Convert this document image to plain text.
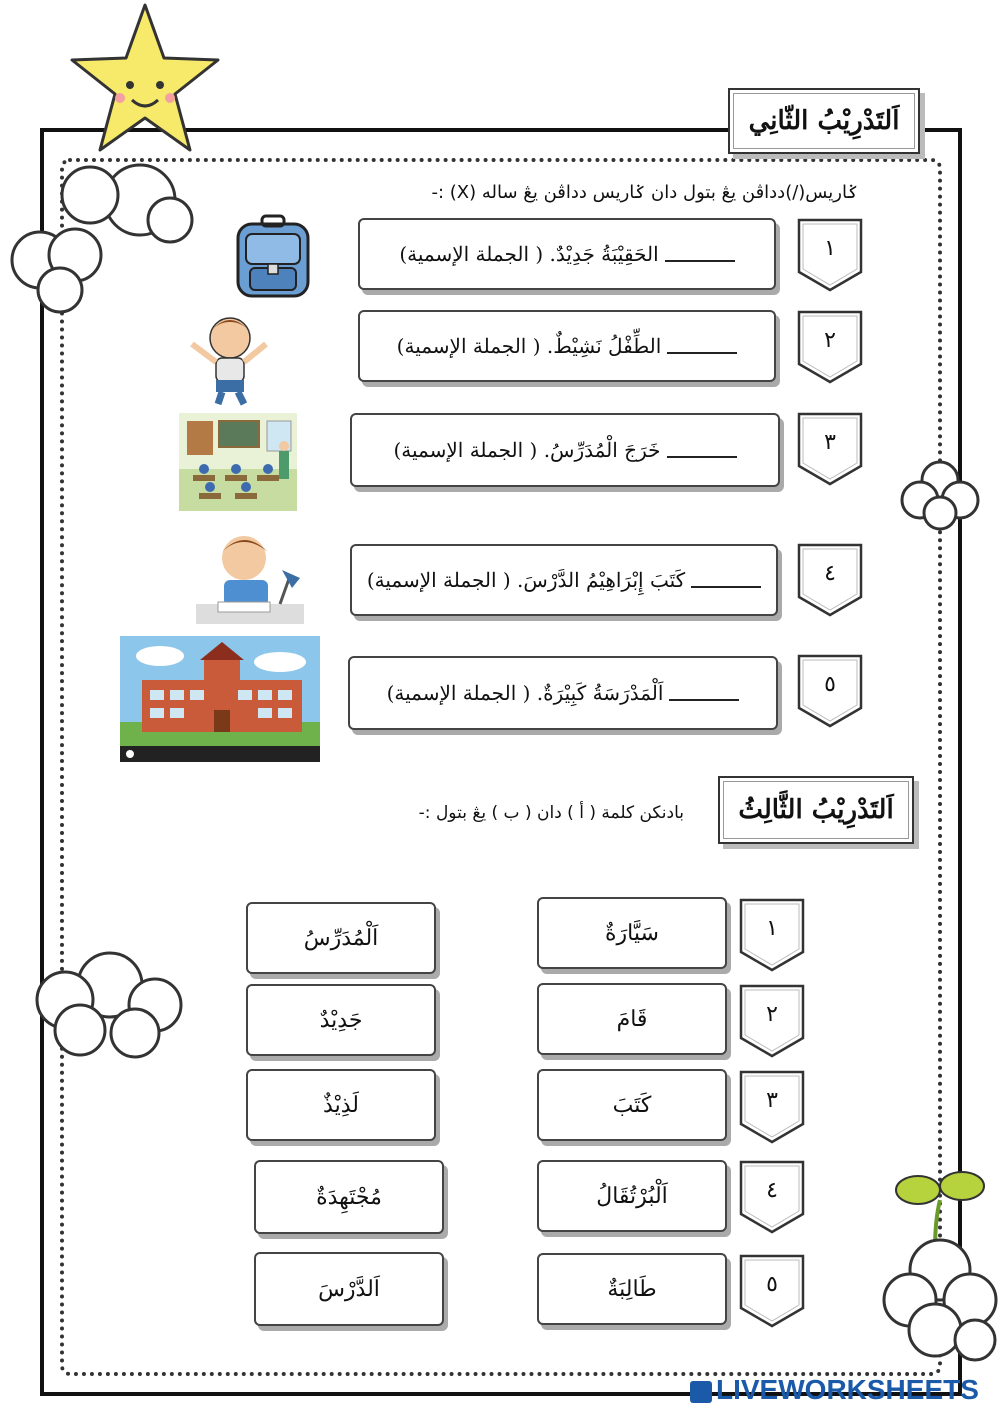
اَلتَدْرِيْبُ الثّانِي
ݢاريس(/)دداڤن يڠ بتول دان ݢاريس دداڤن يڠ ساله (X) :-
١
الحَقِيْبَةُ جَدِيْدٌ.

( الجملة الإسمية)
٢
الطِّفْلُ نَشِيْطٌ.

( الجملة الإسمية)
٣
خَرَجَ الْمُدَرِّسُ.

( الجملة الإسمية)
٤
كَتَبَ إِبْرَاهِيْمُ الدَّرْسَ.

( الجملة الإسمية)
٥
اَلْمَدْرَسَةُ كَبِيْرَةٌ.

( الجملة الإسمية)
اَلتَدْرِيْبُ الثَّالِثُ
بادنكن كلمة ( أ ) دان ( ب ) يڠ بتول :-
١
سَيَّارَةٌ
٢
قَامَ
٣
كَتَبَ
٤
اَلْبُرْتُقَالُ
٥
طَالِبَةٌ
اَلْمُدَرِّسُ
جَدِيْدٌ
لَذِيْذٌ
مُجْتَهِدَةٌ
اَلدَّرْسَ
LIVEWORKSHEETS
